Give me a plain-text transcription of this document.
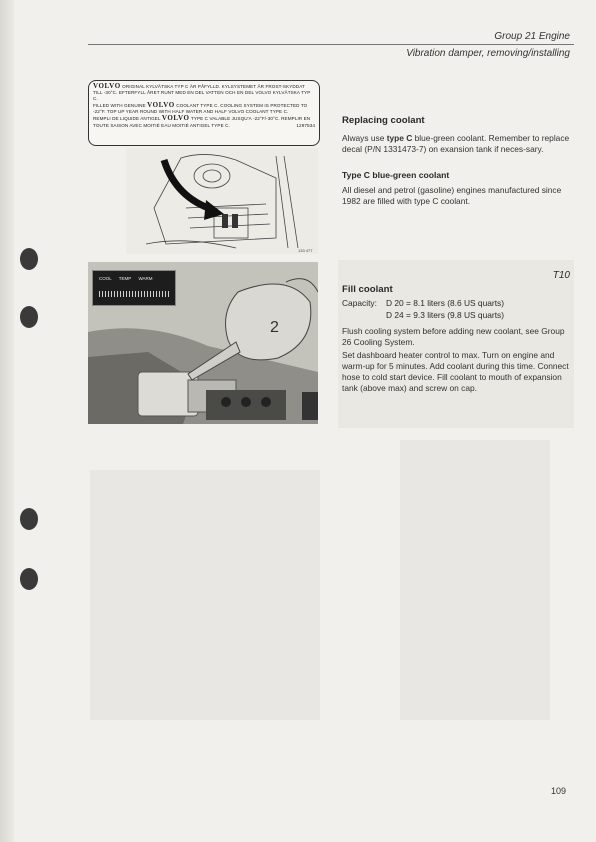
Group 21 Engine
Vibration damper, removing/installing
VOLVO ORIGINAL KYLVÄTSKA TYP C ÄR PÅFYLLD. KYLSYSTEMET ÄR FROST-SKYDDAT TILL -30°C. EFTERFYLL ÅRET RUNT MED EN DEL VATTEN OCH EN DEL VOLVO KYLVÄTSKA TYP C.
FILLED WITH GENUINE VOLVO COOLANT TYPE C. COOLING SYSTEM IS PROTECTED TO -22°F. TOP UP YEAR ROUND WITH HALF WATER AND HALF VOLVO COOLANT TYPE C.
REMPLI DE LIQUIDE ANTIGEL VOLVO TYPE C VALABLE JUSQU'A -22°F/-30°C. REMPLIR EN TOUTE SAISON AVEC MOITIÉ EAU MOITIÉ ANTIGEL TYPE C.	1297534
133 477
2
COOL TEMP WARM
Replacing coolant
Always use type C blue-green coolant. Remember to replace decal (P/N 1331473-7) on exansion tank if neces-sary.
Type C blue-green coolant
All diesel and petrol (gasoline) engines manufactured since 1982 are filled with type C coolant.
T10
Fill coolant
Capacity: D 20 = 8.1 liters (8.6 US quarts)
D 24 = 9.3 liters (9.8 US quarts)
Flush cooling system before adding new coolant, see Group 26 Cooling System.
Set dashboard heater control to max. Turn on engine and warm-up for 5 minutes. Add coolant during this time. Connect hose to cold start device. Fill coolant to mouth of expansion tank (above max) and screw on cap.
109
